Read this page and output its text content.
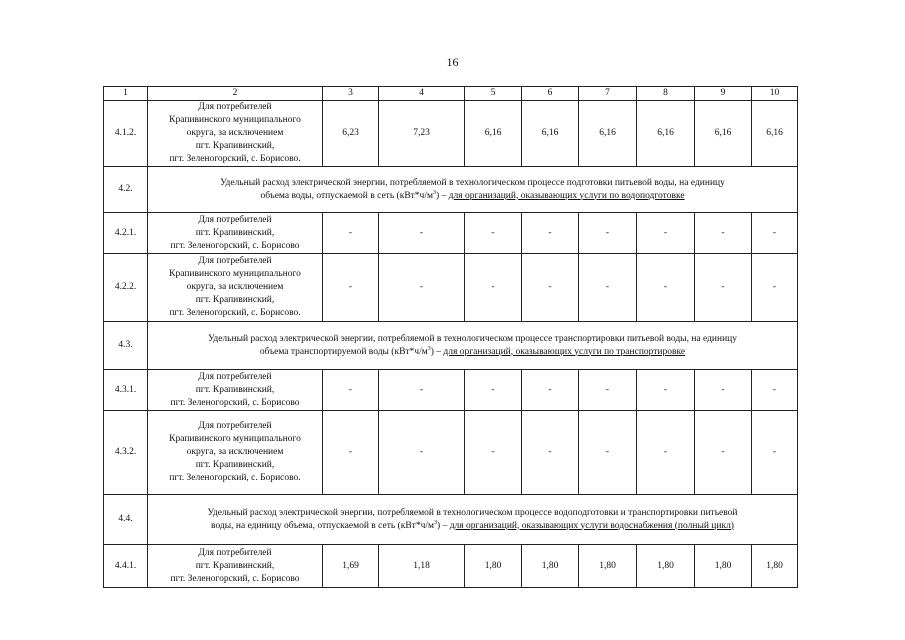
16
1	2	3	4	5	6	7	8	9	10
4.1.2.	Для потребителей
Крапивинского муниципального
округа, за исключением
пгт. Крапивинский,
пгт. Зеленогорский, с. Борисово.	6,23	7,23	6,16	6,16	6,16	6,16	6,16	6,16
4.2.	Удельный расход электрической энергии, потребляемой в технологическом процессе подготовки питьевой воды, на единицу
объема воды, отпускаемой в сеть $(кВт*ч/м^3)$ – для организаций, оказывающих услуги по водоподготовке								

4.2.1.	Для потребителей
пгт. Крапивинский,
пгт. Зеленогорский, с. Борисово	-	-	-	-	-	-	-	-
4.2.2.	Для потребителей
Крапивинского муниципального
округа, за исключением
пгт. Крапивинский,
пгт. Зеленогорский, с. Борисово.	-	-	-	-	-	-	-	-
4.3.	Удельный расход электрической энергии, потребляемой в технологическом процессе транспортировки питьевой воды, на единицу
объема транспортируемой воды $(кВт*ч/м^3)$ – для организаций, оказывающих услуги по транспортировке								

4.3.1.	Для потребителей
пгт. Крапивинский,
пгт. Зеленогорский, с. Борисово	-	-	-	-	-	-	-	-
4.3.2.	Для потребителей
Крапивинского муниципального
округа, за исключением
пгт. Крапивинский,
пгт. Зеленогорский, с. Борисово.	-	-	-	-	-	-	-	-
4.4.	Удельный расход электрической энергии, потребляемой в технологическом процессе водоподготовки и транспортировки питьевой
воды, на единицу объема, отпускаемой в сеть $(кВт*ч/м^3)$ – для организаций, оказывающих услуги водоснабжения (полный цикл)								

4.4.1.	Для потребителей
пгт. Крапивинский,
пгт. Зеленогорский, с. Борисово	1,69	1,18	1,80	1,80	1,80	1,80	1,80	1,80
